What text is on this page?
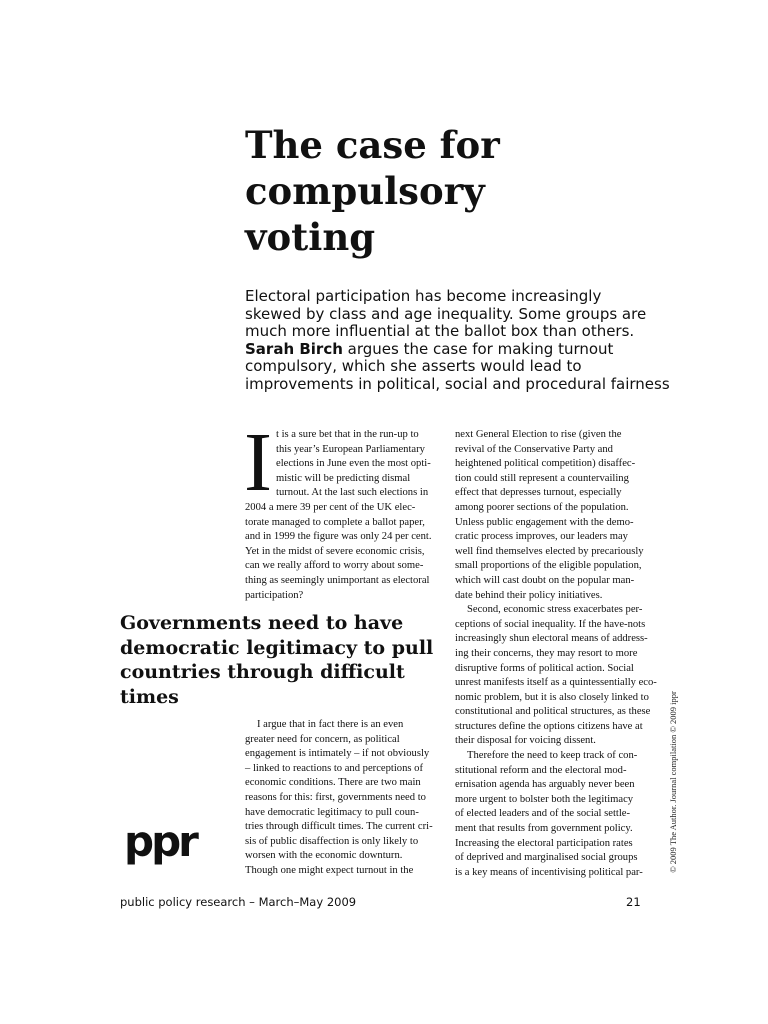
The case for
compulsory
voting
Electoral participation has become increasingly
skewed by class and age inequality. Some groups are
much more influential at the ballot box than others.
Sarah Birch argues the case for making turnout
compulsory, which she asserts would lead to
improvements in political, social and procedural fairness
I t is a sure bet that in the run-up to
this year’s European Parliamentary
elections in June even the most opti-
mistic will be predicting dismal
turnout. At the last such elections in
2004 a mere 39 per cent of the UK elec-
torate managed to complete a ballot paper,
and in 1999 the figure was only 24 per cent.
Yet in the midst of severe economic crisis,
can we really afford to worry about some-
thing as seemingly unimportant as electoral
participation?
Governments need to have
democratic legitimacy to pull
countries through difficult
times
I argue that in fact there is an even
greater need for concern, as political
engagement is intimately – if not obviously
– linked to reactions to and perceptions of
economic conditions. There are two main
reasons for this: first, governments need to
have democratic legitimacy to pull coun-
tries through difficult times. The current cri-
sis of public disaffection is only likely to
worsen with the economic downturn.
Though one might expect turnout in the
next General Election to rise (given the
revival of the Conservative Party and
heightened political competition) disaffec-
tion could still represent a countervailing
effect that depresses turnout, especially
among poorer sections of the population.
Unless public engagement with the demo-
cratic process improves, our leaders may
well find themselves elected by precariously
small proportions of the eligible population,
which will cast doubt on the popular man-
date behind their policy initiatives.
Second, economic stress exacerbates per-
ceptions of social inequality. If the have-nots
increasingly shun electoral means of address-
ing their concerns, they may resort to more
disruptive forms of political action. Social
unrest manifests itself as a quintessentially eco-
nomic problem, but it is also closely linked to
constitutional and political structures, as these
structures define the options citizens have at
their disposal for voicing dissent.
Therefore the need to keep track of con-
stitutional reform and the electoral mod-
ernisation agenda has arguably never been
more urgent to bolster both the legitimacy
of elected leaders and of the social settle-
ment that results from government policy.
Increasing the electoral participation rates
of deprived and marginalised social groups
is a key means of incentivising political par-
ppr	© 2009 The Author. Journal compilation © 2009 ippr
public policy research – March–May 2009	21
